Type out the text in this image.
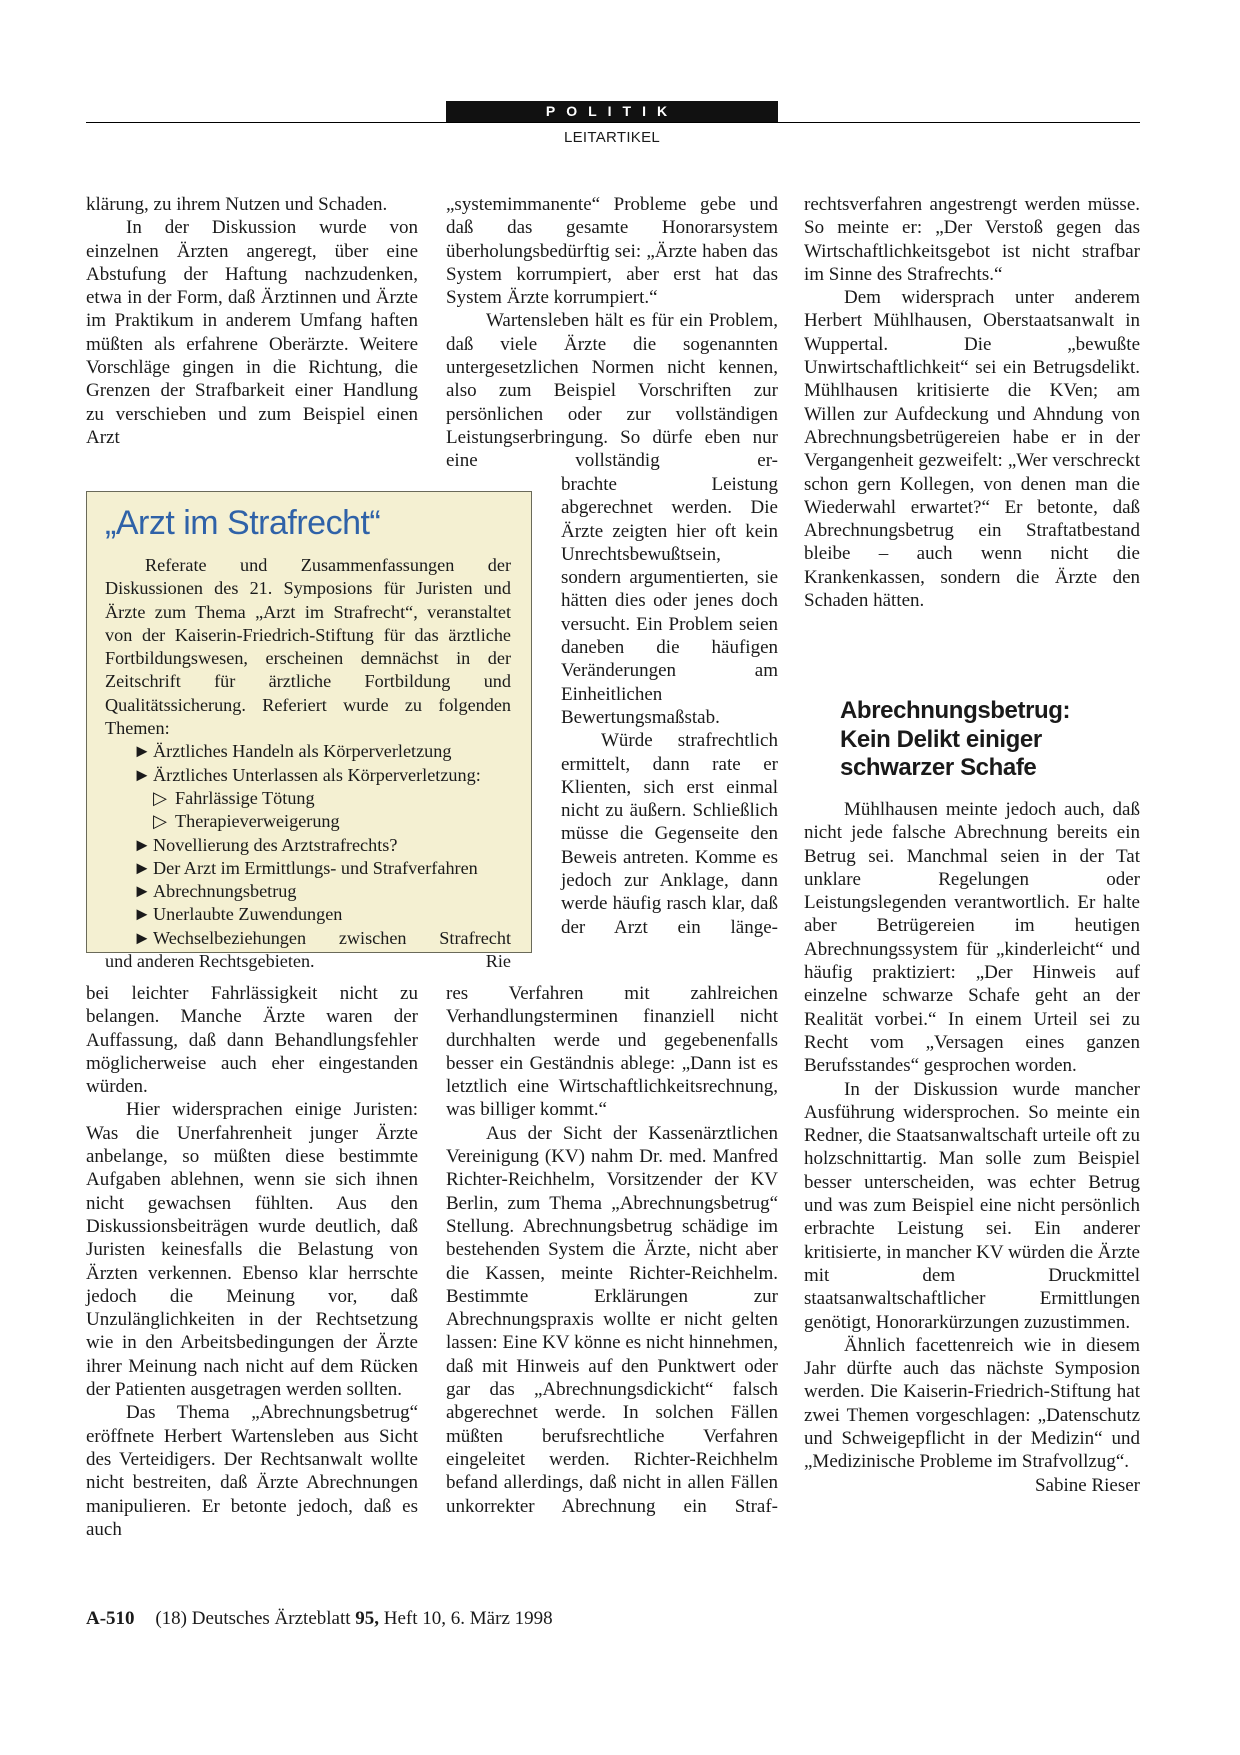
POLITIK
LEITARTIKEL

klärung, zu ihrem Nutzen und Schaden.

In der Diskussion wurde von einzelnen Ärzten angeregt, über eine Abstufung der Haftung nachzudenken, etwa in der Form, daß Ärztinnen und Ärzte im Praktikum in anderem Umfang haften müßten als erfahrene Oberärzte. Weitere Vorschläge gingen in die Richtung, die Grenzen der Strafbarkeit einer Handlung zu verschieben und zum Beispiel einen Arzt

„Arzt im Strafrecht“

Referate und Zusammenfassungen der Diskussionen des 21. Symposions für Juristen und Ärzte zum Thema „Arzt im Strafrecht“, veranstaltet von der Kaiserin-Friedrich-Stiftung für das ärztliche Fortbildungswesen, erscheinen demnächst in der Zeitschrift für ärztliche Fortbildung und Qualitätssicherung. Referiert wurde zu folgenden Themen:

► Ärztliches Handeln als Körperverletzung
► Ärztliches Unterlassen als Körperverletzung:
▷ Fahrlässige Tötung
▷ Therapieverweigerung
► Novellierung des Arztstrafrechts?
► Der Arzt im Ermittlungs- und Strafverfahren
► Abrechnungsbetrug
► Unerlaubte Zuwendungen
► Wechselbeziehungen zwischen Strafrecht
und anderen Rechtsgebieten.	Rie

bei leichter Fahrlässigkeit nicht zu belangen. Manche Ärzte waren der Auffassung, daß dann Behandlungsfehler möglicherweise auch eher eingestanden würden.

Hier widersprachen einige Juristen: Was die Unerfahrenheit junger Ärzte anbelange, so müßten diese bestimmte Aufgaben ablehnen, wenn sie sich ihnen nicht gewachsen fühlten. Aus den Diskussionsbeiträgen wurde deutlich, daß Juristen keinesfalls die Belastung von Ärzten verkennen. Ebenso klar herrschte jedoch die Meinung vor, daß Unzulänglichkeiten in der Rechtsetzung wie in den Arbeitsbedingungen der Ärzte ihrer Meinung nach nicht auf dem Rücken der Patienten ausgetragen werden sollten.

Das Thema „Abrechnungsbetrug“ eröffnete Herbert Wartensleben aus Sicht des Verteidigers. Der Rechtsanwalt wollte nicht bestreiten, daß Ärzte Abrechnungen manipulieren. Er betonte jedoch, daß es auch

„systemimmanente“ Probleme gebe und daß das gesamte Honorarsystem überholungsbedürftig sei: „Ärzte haben das System korrumpiert, aber erst hat das System Ärzte korrumpiert.“

Wartensleben hält es für ein Problem, daß viele Ärzte die sogenannten untergesetzlichen Normen nicht kennen, also zum Beispiel Vorschriften zur persönlichen oder zur vollständigen Leistungserbringung. So dürfe eben nur eine vollständig er-

brachte Leistung abgerechnet werden. Die Ärzte zeigten hier oft kein Unrechtsbewußtsein, sondern argumentierten, sie hätten dies oder jenes doch versucht. Ein Problem seien daneben die häufigen Veränderungen am Einheitlichen Bewertungsmaßstab.

Würde strafrechtlich ermittelt, dann rate er Klienten, sich erst einmal nicht zu äußern. Schließlich müsse die Gegenseite den Beweis antreten. Komme es jedoch zur Anklage, dann werde häufig rasch klar, daß der Arzt ein länge-

res Verfahren mit zahlreichen Verhandlungsterminen finanziell nicht durchhalten werde und gegebenenfalls besser ein Geständnis ablege: „Dann ist es letztlich eine Wirtschaftlichkeitsrechnung, was billiger kommt.“

Aus der Sicht der Kassenärztlichen Vereinigung (KV) nahm Dr. med. Manfred Richter-Reichhelm, Vorsitzender der KV Berlin, zum Thema „Abrechnungsbetrug“ Stellung. Abrechnungsbetrug schädige im bestehenden System die Ärzte, nicht aber die Kassen, meinte Richter-Reichhelm. Bestimmte Erklärungen zur Abrechnungspraxis wollte er nicht gelten lassen: Eine KV könne es nicht hinnehmen, daß mit Hinweis auf den Punktwert oder gar das „Abrechnungsdickicht“ falsch abgerechnet werde. In solchen Fällen müßten berufsrechtliche Verfahren eingeleitet werden. Richter-Reichhelm befand allerdings, daß nicht in allen Fällen unkorrekter Abrechnung ein Straf-

rechtsverfahren angestrengt werden müsse. So meinte er: „Der Verstoß gegen das Wirtschaftlichkeitsgebot ist nicht strafbar im Sinne des Strafrechts.“

Dem widersprach unter anderem Herbert Mühlhausen, Oberstaatsanwalt in Wuppertal. Die „bewußte Unwirtschaftlichkeit“ sei ein Betrugsdelikt. Mühlhausen kritisierte die KVen; am Willen zur Aufdeckung und Ahndung von Abrechnungsbetrügereien habe er in der Vergangenheit gezweifelt: „Wer verschreckt schon gern Kollegen, von denen man die Wiederwahl erwartet?“ Er betonte, daß Abrechnungsbetrug ein Straftatbestand bleibe – auch wenn nicht die Krankenkassen, sondern die Ärzte den Schaden hätten.

Abrechnungsbetrug:
Kein Delikt einiger
schwarzer Schafe

Mühlhausen meinte jedoch auch, daß nicht jede falsche Abrechnung bereits ein Betrug sei. Manchmal seien in der Tat unklare Regelungen oder Leistungslegenden verantwortlich. Er halte aber Betrügereien im heutigen Abrechnungssystem für „kinderleicht“ und häufig praktiziert: „Der Hinweis auf einzelne schwarze Schafe geht an der Realität vorbei.“ In einem Urteil sei zu Recht vom „Versagen eines ganzen Berufsstandes“ gesprochen worden.

In der Diskussion wurde mancher Ausführung widersprochen. So meinte ein Redner, die Staatsanwaltschaft urteile oft zu holzschnittartig. Man solle zum Beispiel besser unterscheiden, was echter Betrug und was zum Beispiel eine nicht persönlich erbrachte Leistung sei. Ein anderer kritisierte, in mancher KV würden die Ärzte mit dem Druckmittel staatsanwaltschaftlicher Ermittlungen genötigt, Honorarkürzungen zuzustimmen.

Ähnlich facettenreich wie in diesem Jahr dürfte auch das nächste Symposion werden. Die Kaiserin-Friedrich-Stiftung hat zwei Themen vorgeschlagen: „Datenschutz und Schweigepflicht in der Medizin“ und „Medizinische Probleme im Strafvollzug“.
Sabine Rieser

A-510 (18) Deutsches Ärzteblatt 95, Heft 10, 6. März 1998
